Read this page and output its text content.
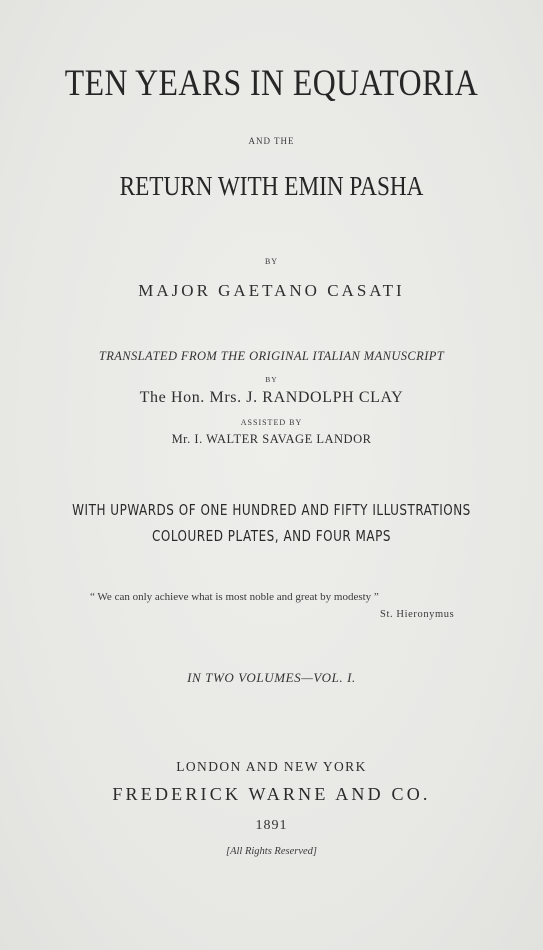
TEN YEARS IN EQUATORIA
AND THE
RETURN WITH EMIN PASHA
BY
MAJOR GAETANO CASATI
TRANSLATED FROM THE ORIGINAL ITALIAN MANUSCRIPT
BY
The Hon. Mrs. J. RANDOLPH CLAY
ASSISTED BY
Mr. I. WALTER SAVAGE LANDOR
WITH UPWARDS OF ONE HUNDRED AND FIFTY ILLUSTRATIONS
COLOURED PLATES, AND FOUR MAPS
“ We can only achieve what is most noble and great by modesty ”
St. Hieronymus
IN TWO VOLUMES—VOL. I.
LONDON AND NEW YORK
FREDERICK WARNE AND CO.
1891
[All Rights Reserved]
